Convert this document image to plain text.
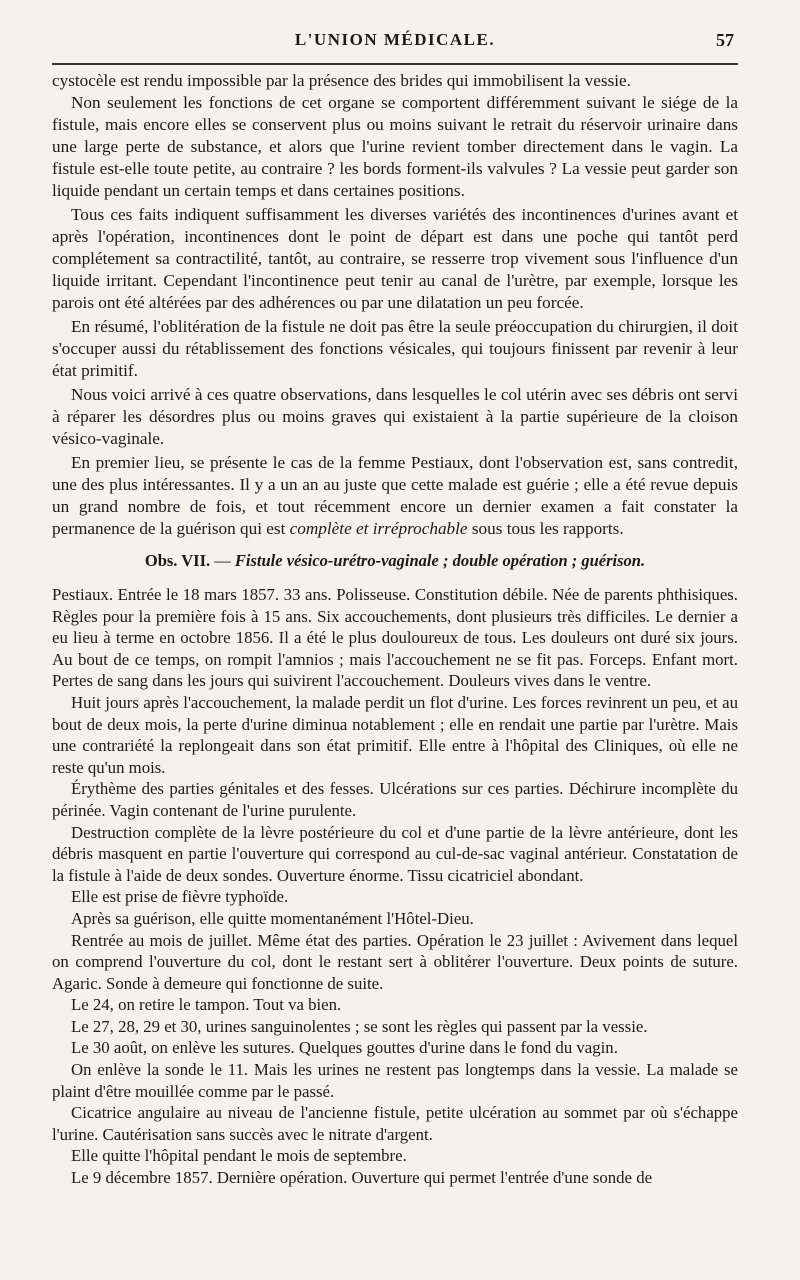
L'UNION MÉDICALE.	57

cystocèle est rendu impossible par la présence des brides qui immobilisent la vessie.

Non seulement les fonctions de cet organe se comportent différemment suivant le siége de la fistule, mais encore elles se conservent plus ou moins suivant le retrait du réservoir urinaire dans une large perte de substance, et alors que l'urine revient tomber directement dans le vagin. La fistule est-elle toute petite, au contraire ? les bords forment-ils valvules ? La vessie peut garder son liquide pendant un certain temps et dans certaines positions.

Tous ces faits indiquent suffisamment les diverses variétés des incontinences d'urines avant et après l'opération, incontinences dont le point de départ est dans une poche qui tantôt perd complétement sa contractilité, tantôt, au contraire, se resserre trop vivement sous l'influence d'un liquide irritant. Cependant l'incontinence peut tenir au canal de l'urètre, par exemple, lorsque les parois ont été altérées par des adhérences ou par une dilatation un peu forcée.

En résumé, l'oblitération de la fistule ne doit pas être la seule préoccupation du chirurgien, il doit s'occuper aussi du rétablissement des fonctions vésicales, qui toujours finissent par revenir à leur état primitif.

Nous voici arrivé à ces quatre observations, dans lesquelles le col utérin avec ses débris ont servi à réparer les désordres plus ou moins graves qui existaient à la partie supérieure de la cloison vésico-vaginale.

En premier lieu, se présente le cas de la femme Pestiaux, dont l'observation est, sans contredit, une des plus intéressantes. Il y a un an au juste que cette malade est guérie ; elle a été revue depuis un grand nombre de fois, et tout récemment encore un dernier examen a fait constater la permanence de la guérison qui est complète et irréprochable sous tous les rapports.

Obs. VII. — Fistule vésico-urétro-vaginale ; double opération ; guérison.

Pestiaux. Entrée le 18 mars 1857. 33 ans. Polisseuse. Constitution débile. Née de parents phthisiques. Règles pour la première fois à 15 ans. Six accouchements, dont plusieurs très difficiles. Le dernier a eu lieu à terme en octobre 1856. Il a été le plus douloureux de tous. Les douleurs ont duré six jours. Au bout de ce temps, on rompit l'amnios ; mais l'accouchement ne se fit pas. Forceps. Enfant mort. Pertes de sang dans les jours qui suivirent l'accouchement. Douleurs vives dans le ventre.

Huit jours après l'accouchement, la malade perdit un flot d'urine. Les forces revinrent un peu, et au bout de deux mois, la perte d'urine diminua notablement ; elle en rendait une partie par l'urètre. Mais une contrariété la replongeait dans son état primitif. Elle entre à l'hôpital des Cliniques, où elle ne reste qu'un mois.

Érythème des parties génitales et des fesses. Ulcérations sur ces parties. Déchirure incomplète du périnée. Vagin contenant de l'urine purulente.

Destruction complète de la lèvre postérieure du col et d'une partie de la lèvre antérieure, dont les débris masquent en partie l'ouverture qui correspond au cul-de-sac vaginal antérieur. Constatation de la fistule à l'aide de deux sondes. Ouverture énorme. Tissu cicatriciel abondant.

Elle est prise de fièvre typhoïde.

Après sa guérison, elle quitte momentanément l'Hôtel-Dieu.

Rentrée au mois de juillet. Même état des parties. Opération le 23 juillet : Avivement dans lequel on comprend l'ouverture du col, dont le restant sert à oblitérer l'ouverture. Deux points de suture. Agaric. Sonde à demeure qui fonctionne de suite.

Le 24, on retire le tampon. Tout va bien.

Le 27, 28, 29 et 30, urines sanguinolentes ; se sont les règles qui passent par la vessie.

Le 30 août, on enlève les sutures. Quelques gouttes d'urine dans le fond du vagin.

On enlève la sonde le 11. Mais les urines ne restent pas longtemps dans la vessie. La malade se plaint d'être mouillée comme par le passé.

Cicatrice angulaire au niveau de l'ancienne fistule, petite ulcération au sommet par où s'échappe l'urine. Cautérisation sans succès avec le nitrate d'argent.

Elle quitte l'hôpital pendant le mois de septembre.

Le 9 décembre 1857. Dernière opération. Ouverture qui permet l'entrée d'une sonde de
